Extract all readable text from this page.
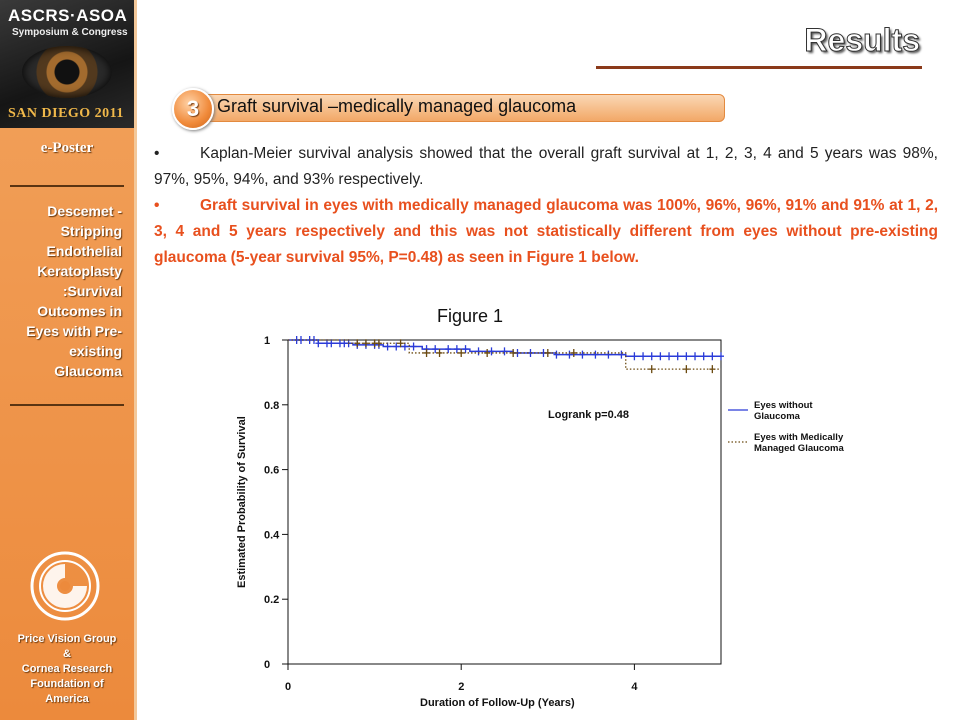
ASCRS·ASOA
Symposium & Congress
SAN DIEGO 2011
e-Poster
Descemet - Stripping Endothelial Keratoplasty :Survival Outcomes in Eyes with Pre-existing Glaucoma
Price Vision Group
&
Cornea Research Foundation of America
Results
3 Graft survival –medically managed glaucoma
•	Kaplan-Meier survival analysis showed that the overall graft survival at 1, 2, 3, 4 and 5 years was 98%, 97%, 95%, 94%, and 93% respectively.
•	Graft survival in eyes with medically managed glaucoma was 100%, 96%, 96%, 91% and 91% at 1, 2, 3, 4 and 5 years respectively and this was not statistically different from eyes without pre-existing glaucoma (5-year survival 95%, P=0.48) as seen in Figure 1 below.
Figure 1
Estimated Probability of Survival
Duration of Follow-Up (Years)
Logrank p=0.48
0
0.2
0.4
0.6
0.8
1
0	2	4
Eyes without Glaucoma
Eyes with Medically Managed Glaucoma
